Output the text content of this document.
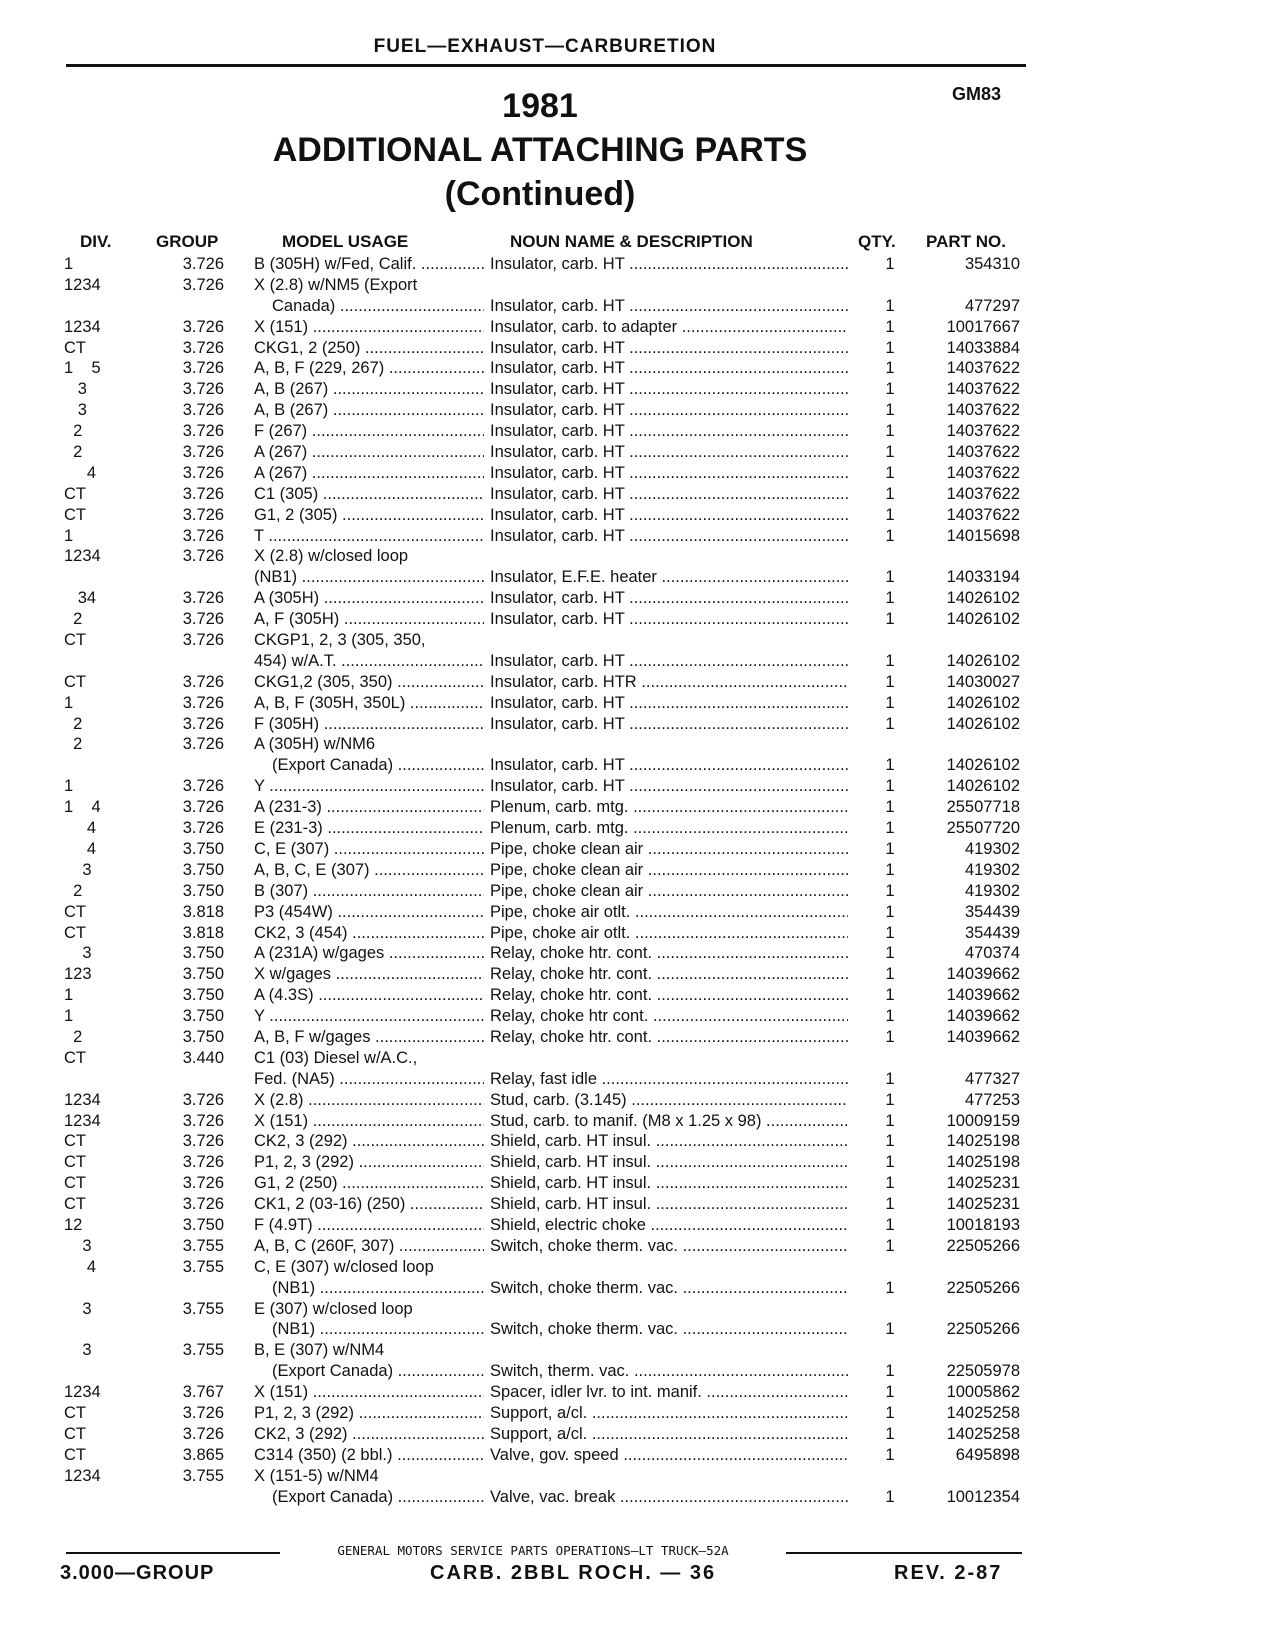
FUEL—EXHAUST—CARBURETION
GM83
1981
ADDITIONAL ATTACHING PARTS
(Continued)
DIV.	GROUP	MODEL USAGE	NOUN NAME & DESCRIPTION	QTY. PART NO.
1	3.726 B (305H) w/Fed, Calif. .....	Insulator, carb. HT .....	1	354310
1234	3.726 X (2.8) w/NM5 (Export
Canada) .....	Insulator, carb. HT .....	1	477297
1234	3.726 X (151) .....	Insulator, carb. to adapter .....	1	10017667
CT	3.726 CKG1, 2 (250) .....	Insulator, carb. HT .....	1	14033884
1    5	3.726 A, B, F (229, 267) .....	Insulator, carb. HT .....	1	14037622
3	3.726 A, B (267) .....	Insulator, carb. HT .....	1	14037622
3	3.726 A, B (267) .....	Insulator, carb. HT .....	1	14037622
2	3.726 F (267) .....	Insulator, carb. HT .....	1	14037622
2	3.726 A (267) .....	Insulator, carb. HT .....	1	14037622
4	3.726 A (267) .....	Insulator, carb. HT .....	1	14037622
CT	3.726 C1 (305) .....	Insulator, carb. HT .....	1	14037622
CT	3.726 G1, 2 (305) .....	Insulator, carb. HT .....	1	14037622
1	3.726 T .....	Insulator, carb. HT .....	1	14015698
1234	3.726 X (2.8) w/closed loop
(NB1) .....	Insulator, E.F.E. heater .....	1	14033194
34	3.726 A (305H) .....	Insulator, carb. HT .....	1	14026102
2	3.726 A, F (305H) .....	Insulator, carb. HT .....	1	14026102
CT	3.726 CKGP1, 2, 3 (305, 350,
454) w/A.T. .....	Insulator, carb. HT .....	1	14026102
CT	3.726 CKG1,2 (305, 350) .....	Insulator, carb. HTR .....	1	14030027
1	3.726 A, B, F (305H, 350L) .....	Insulator, carb. HT .....	1	14026102
2	3.726 F (305H) .....	Insulator, carb. HT .....	1	14026102
2	3.726 A (305H) w/NM6
(Export Canada) .....	Insulator, carb. HT .....	1	14026102
1	3.726 Y .....	Insulator, carb. HT .....	1	14026102
1    4	3.726 A (231-3) .....	Plenum, carb. mtg. .....	1	25507718
4	3.726 E (231-3) .....	Plenum, carb. mtg. .....	1	25507720
4	3.750 C, E (307) .....	Pipe, choke clean air .....	1	419302
3	3.750 A, B, C, E (307) .....	Pipe, choke clean air .....	1	419302
2	3.750 B (307) .....	Pipe, choke clean air .....	1	419302
CT	3.818 P3 (454W) .....	Pipe, choke air otlt. .....	1	354439
CT	3.818 CK2, 3 (454) .....	Pipe, choke air otlt. .....	1	354439
3	3.750 A (231A) w/gages .....	Relay, choke htr. cont. .....	1	470374
123	3.750 X w/gages .....	Relay, choke htr. cont. .....	1	14039662
1	3.750 A (4.3S) .....	Relay, choke htr. cont. .....	1	14039662
1	3.750 Y .....	Relay, choke htr cont. .....	1	14039662
2	3.750 A, B, F w/gages .....	Relay, choke htr. cont. .....	1	14039662
CT	3.440 C1 (03) Diesel w/A.C.,
Fed. (NA5) .....	Relay, fast idle .....	1	477327
1234	3.726 X (2.8) .....	Stud, carb. (3.145) .....	1	477253
1234	3.726 X (151) .....	Stud, carb. to manif. (M8 x 1.25 x 98) .....	1	10009159
CT	3.726 CK2, 3 (292) .....	Shield, carb. HT insul. .....	1	14025198
CT	3.726 P1, 2, 3 (292) .....	Shield, carb. HT insul. .....	1	14025198
CT	3.726 G1, 2 (250) .....	Shield, carb. HT insul. .....	1	14025231
CT	3.726 CK1, 2 (03-16) (250) .....	Shield, carb. HT insul. .....	1	14025231
12	3.750 F (4.9T) .....	Shield, electric choke .....	1	10018193
3	3.755 A, B, C (260F, 307) .....	Switch, choke therm. vac. .....	1	22505266
4	3.755 C, E (307) w/closed loop
(NB1) .....	Switch, choke therm. vac. .....	1	22505266
3	3.755 E (307) w/closed loop
(NB1) .....	Switch, choke therm. vac. .....	1	22505266
3	3.755 B, E (307) w/NM4
(Export Canada) .....	Switch, therm. vac. .....	1	22505978
1234	3.767 X (151) .....	Spacer, idler lvr. to int. manif. .....	1	10005862
CT	3.726 P1, 2, 3 (292) .....	Support, a/cl. .....	1	14025258
CT	3.726 CK2, 3 (292) .....	Support, a/cl. .....	1	14025258
CT	3.865 C314 (350) (2 bbl.) .....	Valve, gov. speed .....	1	6495898
1234	3.755 X (151-5) w/NM4
(Export Canada) .....	Valve, vac. break .....	1	10012354
GENERAL MOTORS SERVICE PARTS OPERATIONS—LT TRUCK—52A
3.000—GROUP	CARB. 2BBL ROCH. — 36	REV. 2-87
